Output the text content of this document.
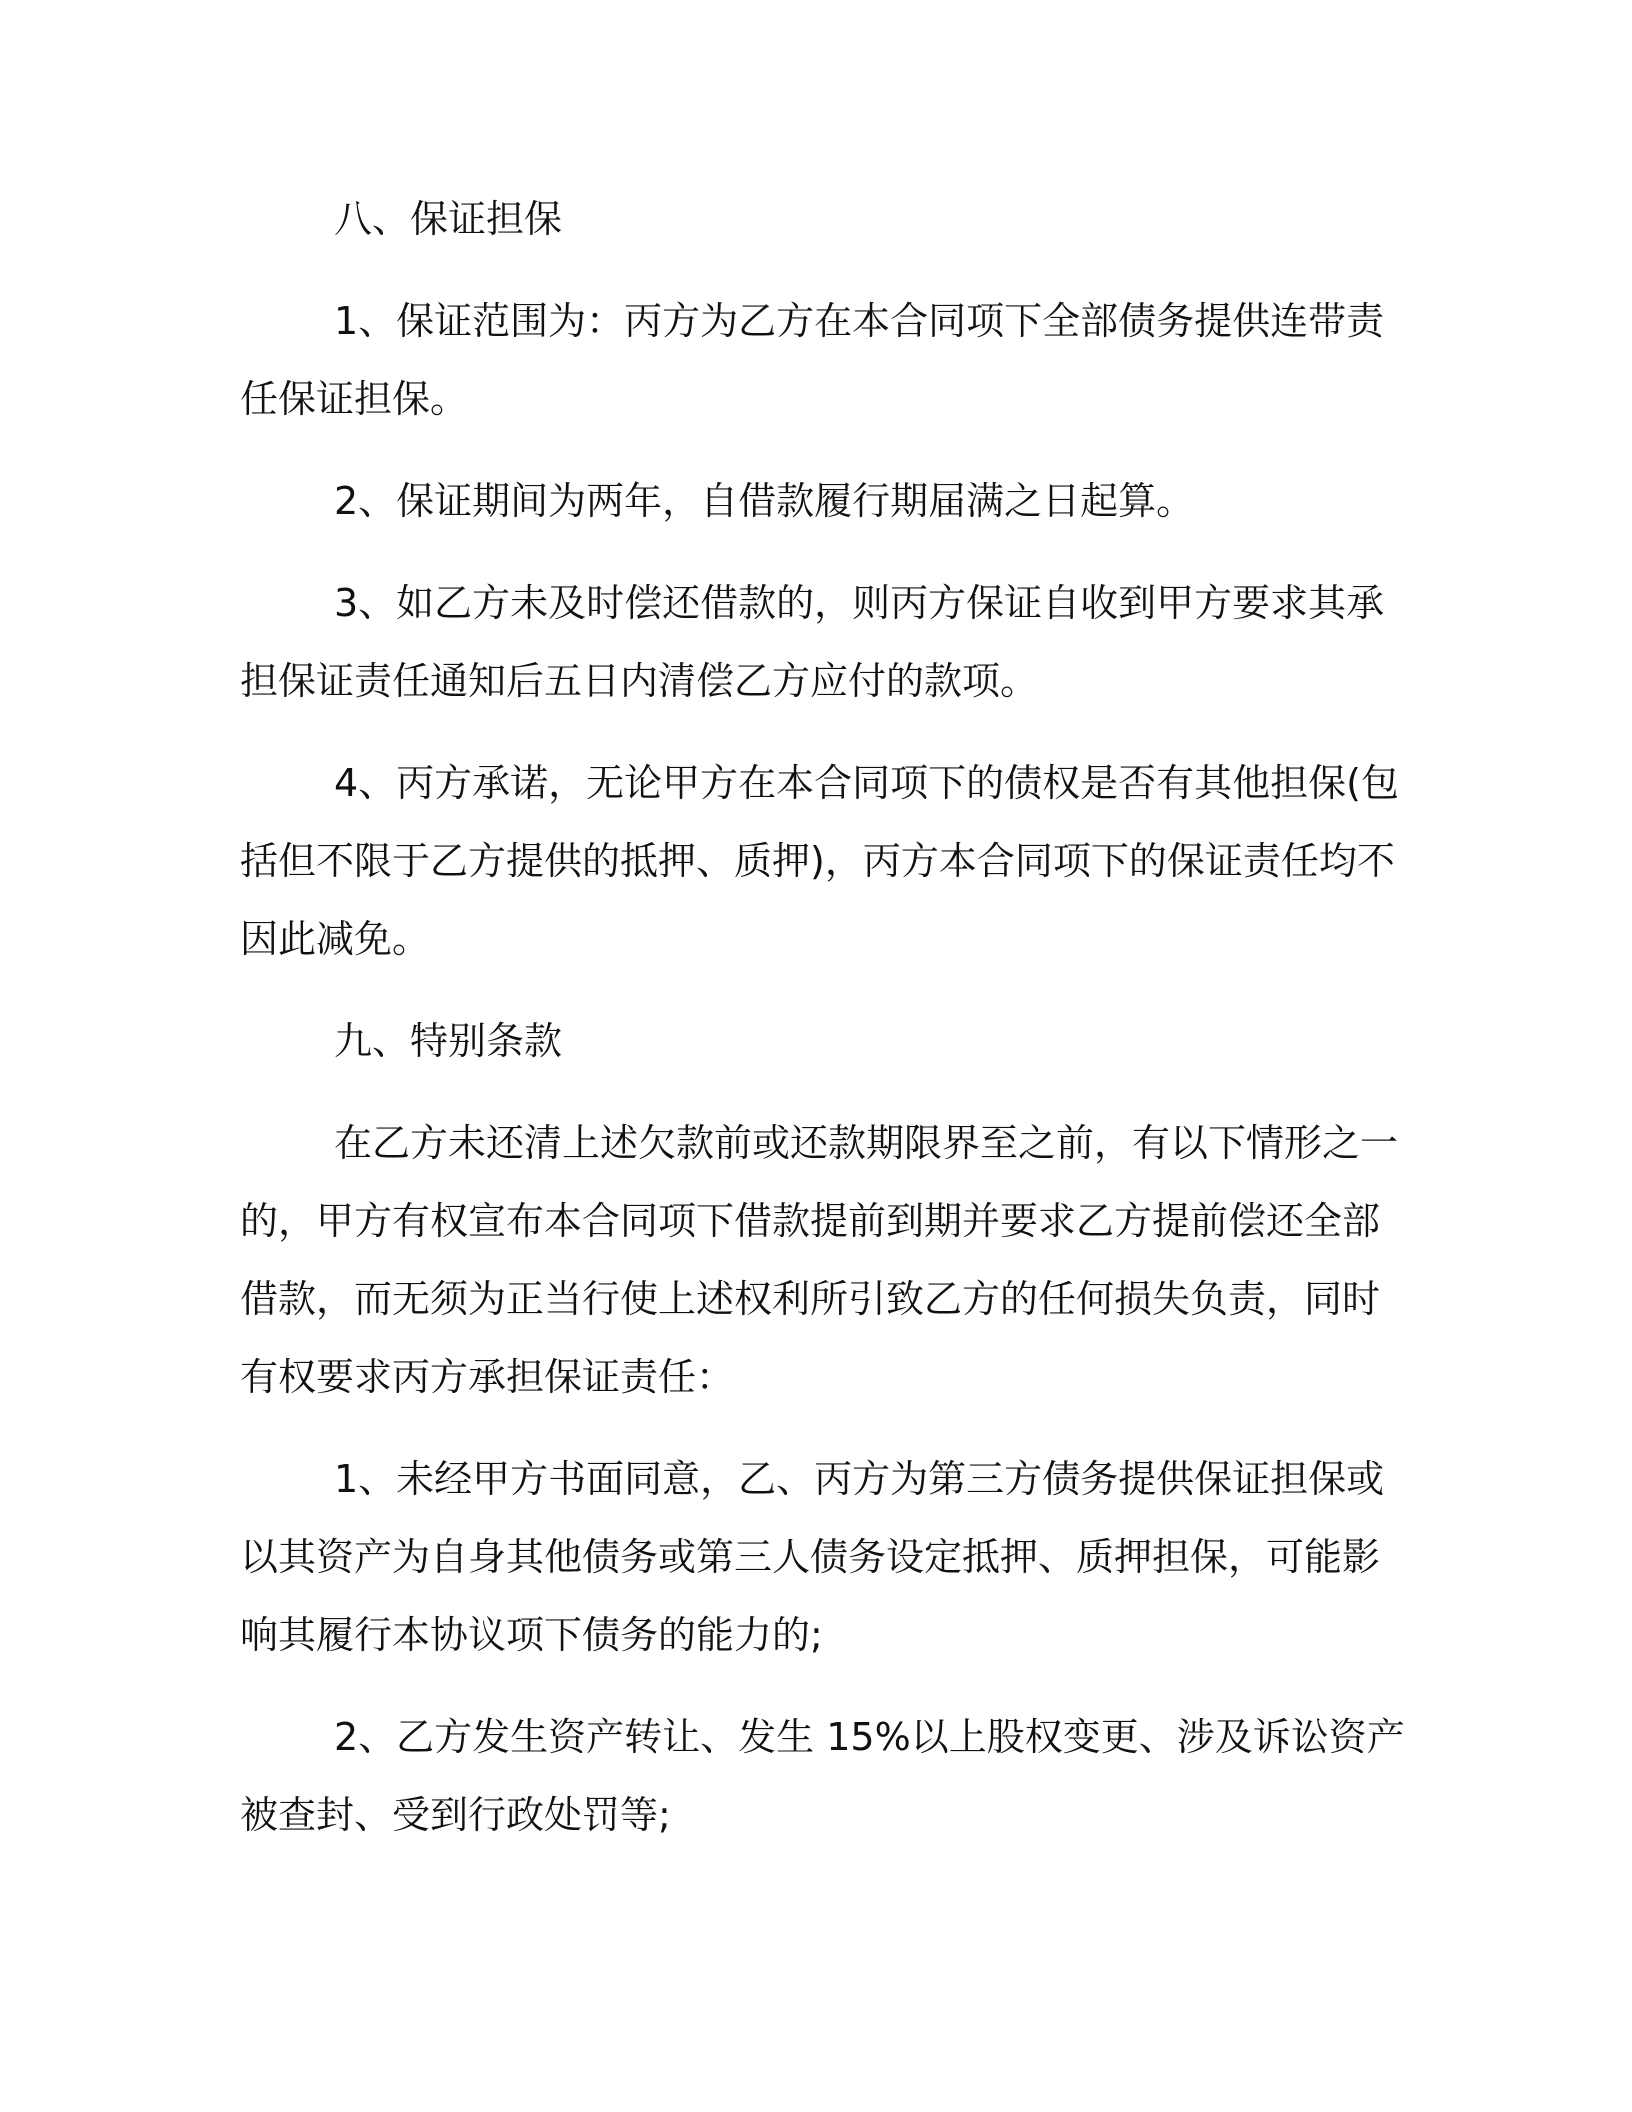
八、保证担保
1、保证范围为：丙方为乙方在本合同项下全部债务提供连带责
任保证担保。
2、保证期间为两年，自借款履行期届满之日起算。
3、如乙方未及时偿还借款的，则丙方保证自收到甲方要求其承
担保证责任通知后五日内清偿乙方应付的款项。
4、丙方承诺，无论甲方在本合同项下的债权是否有其他担保(包
括但不限于乙方提供的抵押、质押)，丙方本合同项下的保证责任均不
因此减免。
九、特别条款
在乙方未还清上述欠款前或还款期限界至之前，有以下情形之一
的，甲方有权宣布本合同项下借款提前到期并要求乙方提前偿还全部
借款，而无须为正当行使上述权利所引致乙方的任何损失负责，同时
有权要求丙方承担保证责任：
1、未经甲方书面同意，乙、丙方为第三方债务提供保证担保或
以其资产为自身其他债务或第三人债务设定抵押、质押担保，可能影
响其履行本协议项下债务的能力的;
2、乙方发生资产转让、发生 15%以上股权变更、涉及诉讼资产
被查封、受到行政处罚等;
